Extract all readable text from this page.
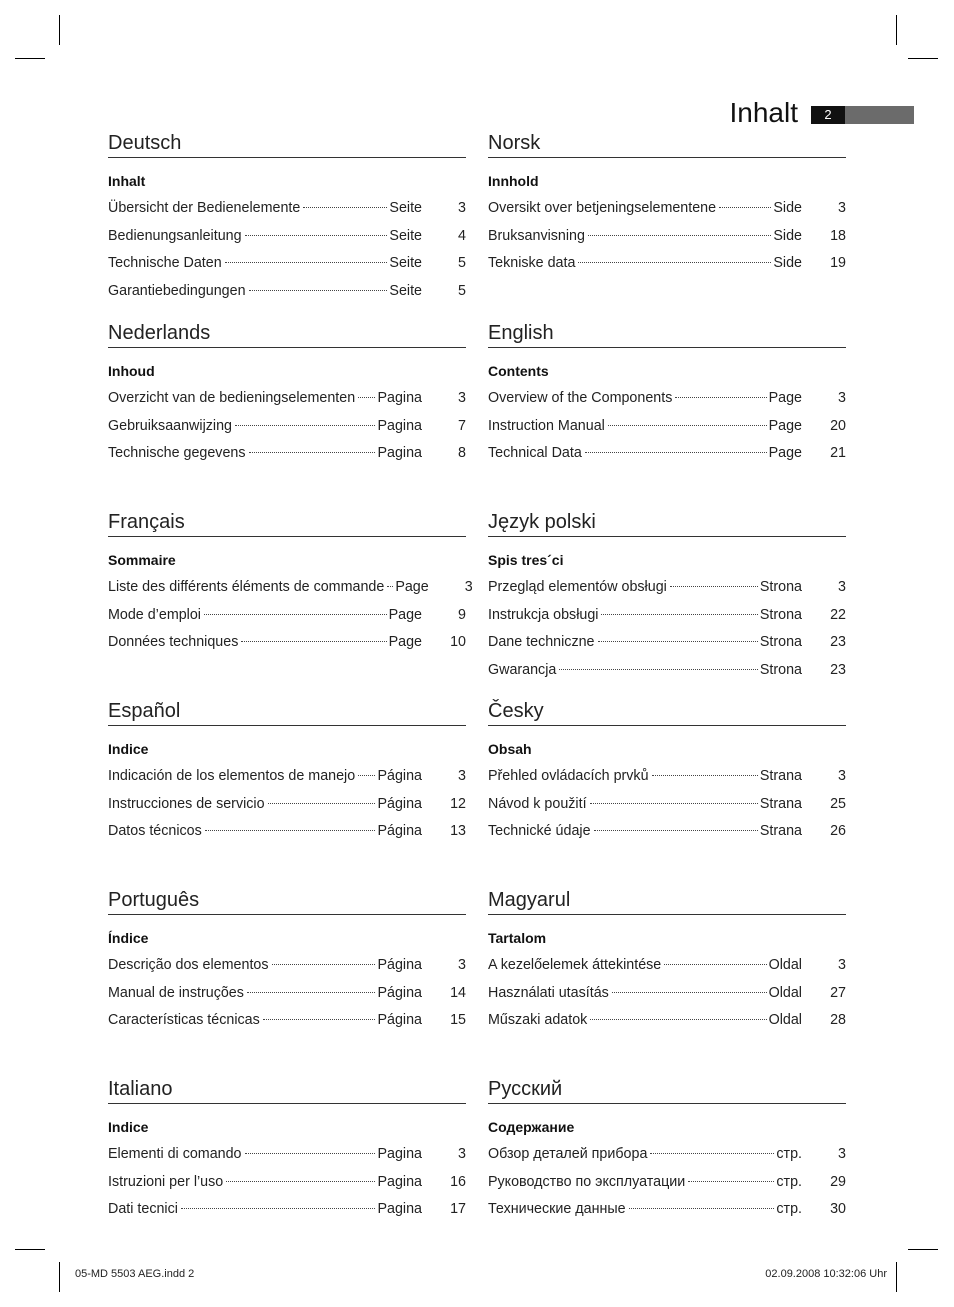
Inhalt	2
Deutsch
Inhalt
Übersicht der Bedienelemente	Seite	3
Bedienungsanleitung	Seite	4
Technische Daten	Seite	5
Garantiebedingungen	Seite	5
Norsk
Innhold
Oversikt over betjeningselementene	Side	3
Bruksanvisning	Side	18
Tekniske data	Side	19
Nederlands
Inhoud
Overzicht van de bedieningselementen Pagina	3
Gebruiksaanwijzing	Pagina	7
Technische gegevens	Pagina	8
English
Contents
Overview of the Components	Page	3
Instruction Manual	Page	20
Technical Data	Page	21
Français
Sommaire
Liste des différents éléments de commande Page	3
Mode d’emploi	Page	9
Données techniques	Page	10
Język polski
Spis tres´ci
Przegląd elementów obsługi	Strona	3
Instrukcja obsługi	Strona	22
Dane techniczne	Strona	23
Gwarancja	Strona	23
Español
Indice
Indicación de los elementos de manejo Página	3
Instrucciones de servicio	Página	12
Datos técnicos	Página	13
Česky
Obsah
Přehled ovládacích prvků	Strana	3
Návod k použití	Strana	25
Technické údaje	Strana	26
Português
Índice
Descrição dos elementos	Página	3
Manual de instruções	Página	14
Características técnicas	Página	15
Magyarul
Tartalom
A kezelőelemek áttekintése	Oldal	3
Használati utasítás	Oldal	27
Műszaki adatok	Oldal	28
Italiano
Indice
Elementi di comando	Pagina	3
Istruzioni per l’uso	Pagina	16
Dati tecnici	Pagina	17
Русский
Содержание
Обзор деталей прибора	стр.	3
Руководство по эксплуатации	стр.	29
Технические данные	стр.	30
05-MD 5503 AEG.indd 2	02.09.2008 10:32:06 Uhr
